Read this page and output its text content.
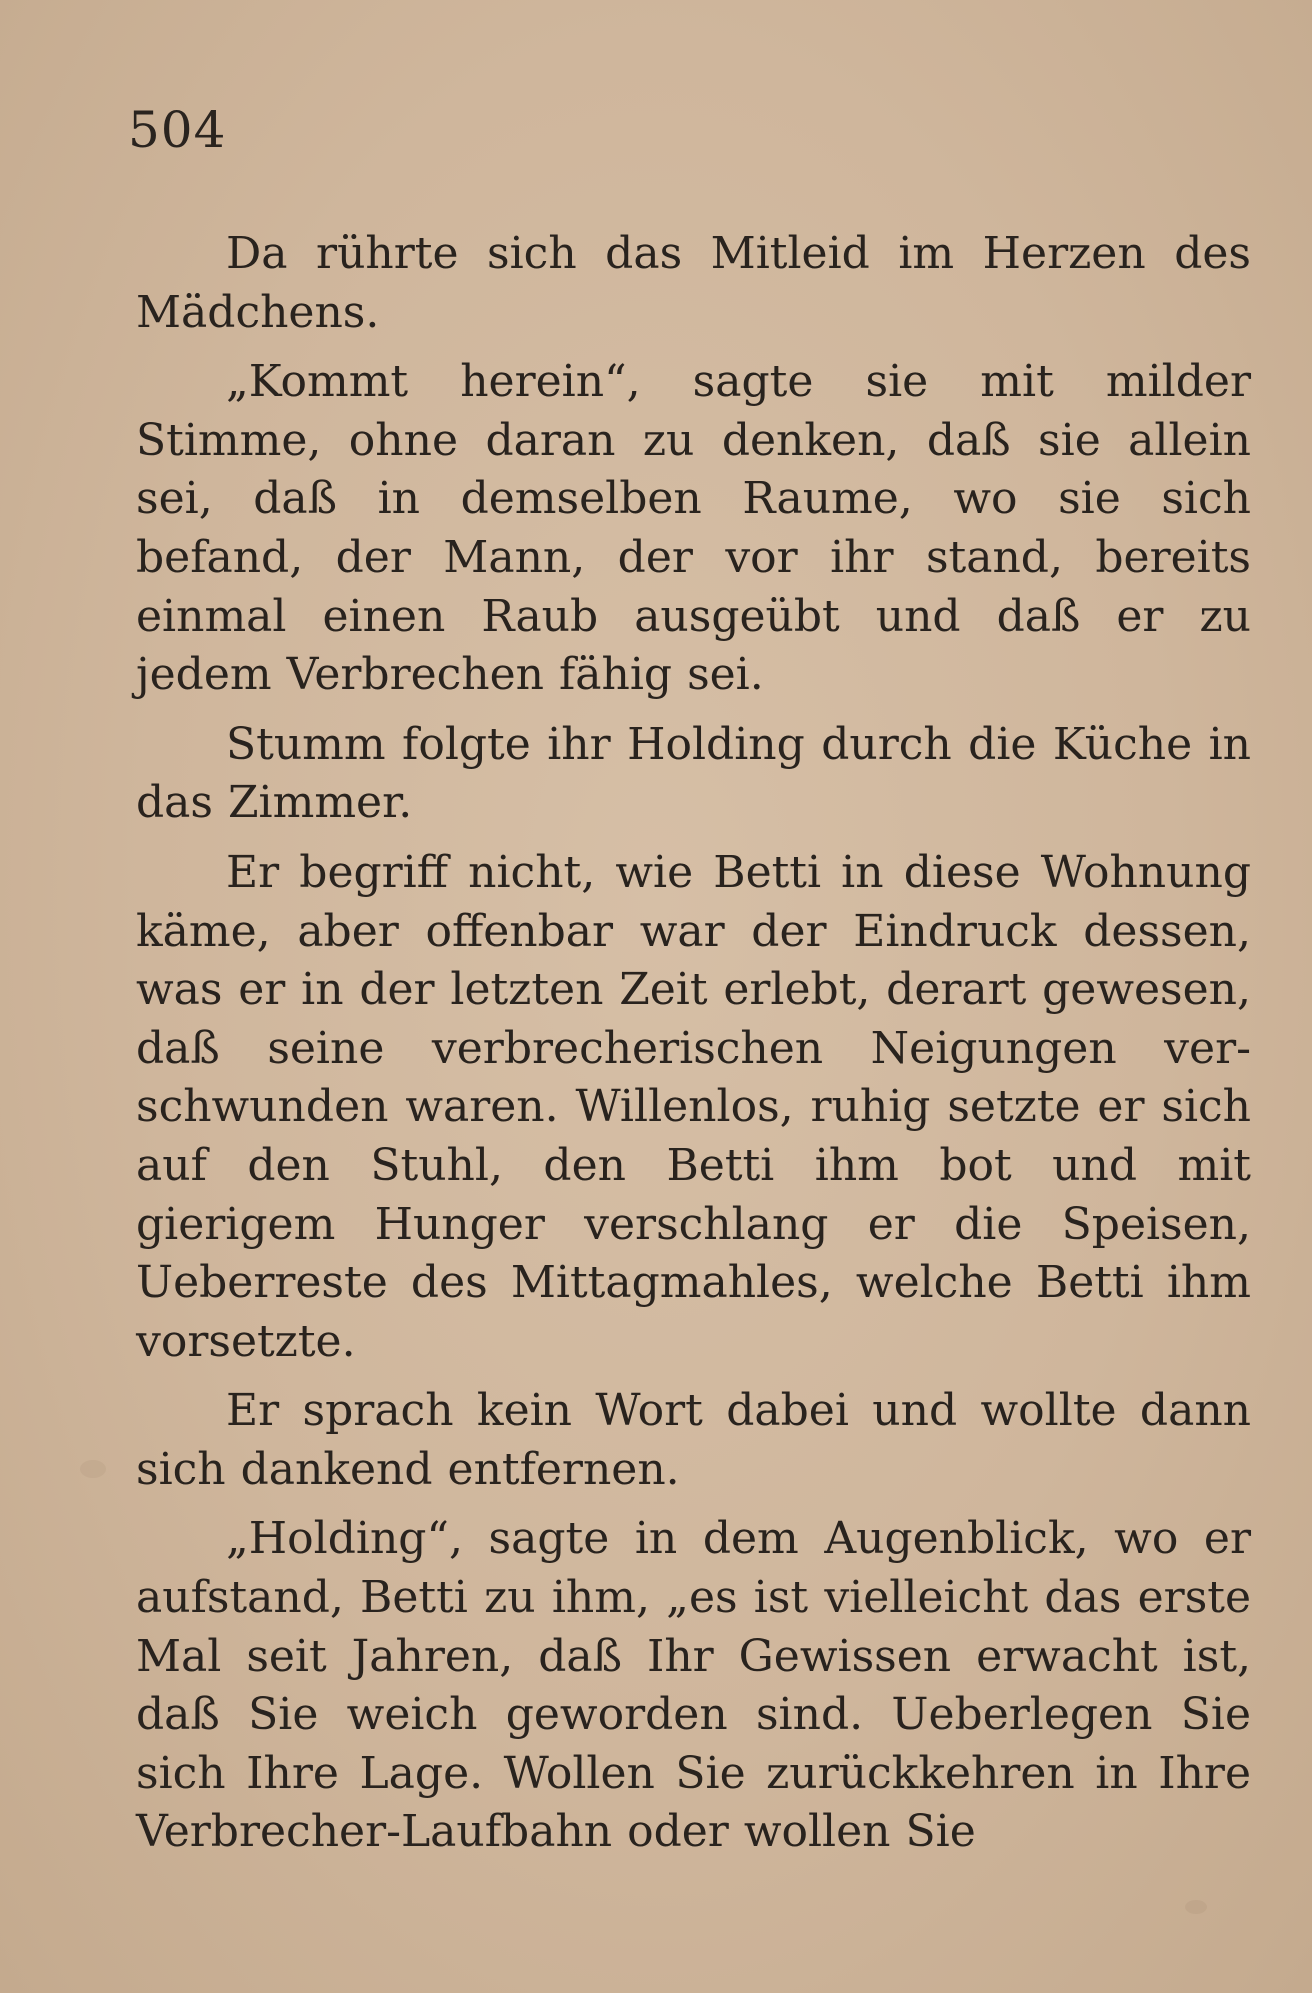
504

Da rührte sich das Mitleid im Herzen des Mädchens.

„Kommt herein“, sagte sie mit milder Stimme, ohne daran zu denken, daß sie allein sei, daß in demselben Raume, wo sie sich befand, der Mann, der vor ihr stand, bereits einmal einen Raub ausgeübt und daß er zu jedem Verbrechen fähig sei.

Stumm folgte ihr Holding durch die Küche in das Zimmer.

Er begriff nicht, wie Betti in diese Wohnung käme, aber offenbar war der Eindruck dessen, was er in der letzten Zeit erlebt, derart gewesen, daß seine verbrecherischen Neigungen verschwunden waren. Willenlos, ruhig setzte er sich auf den Stuhl, den Betti ihm bot und mit gierigem Hunger verschlang er die Speisen, Ueberreste des Mittagmahles, welche Betti ihm vorsetzte.

Er sprach kein Wort dabei und wollte dann sich dankend entfernen.

„Holding“, sagte in dem Augenblick, wo er aufstand, Betti zu ihm, „es ist vielleicht das erste Mal seit Jahren, daß Ihr Gewissen erwacht ist, daß Sie weich geworden sind. Ueberlegen Sie sich Ihre Lage. Wollen Sie zurückkehren in Ihre Verbrecher-Laufbahn oder wollen Sie
